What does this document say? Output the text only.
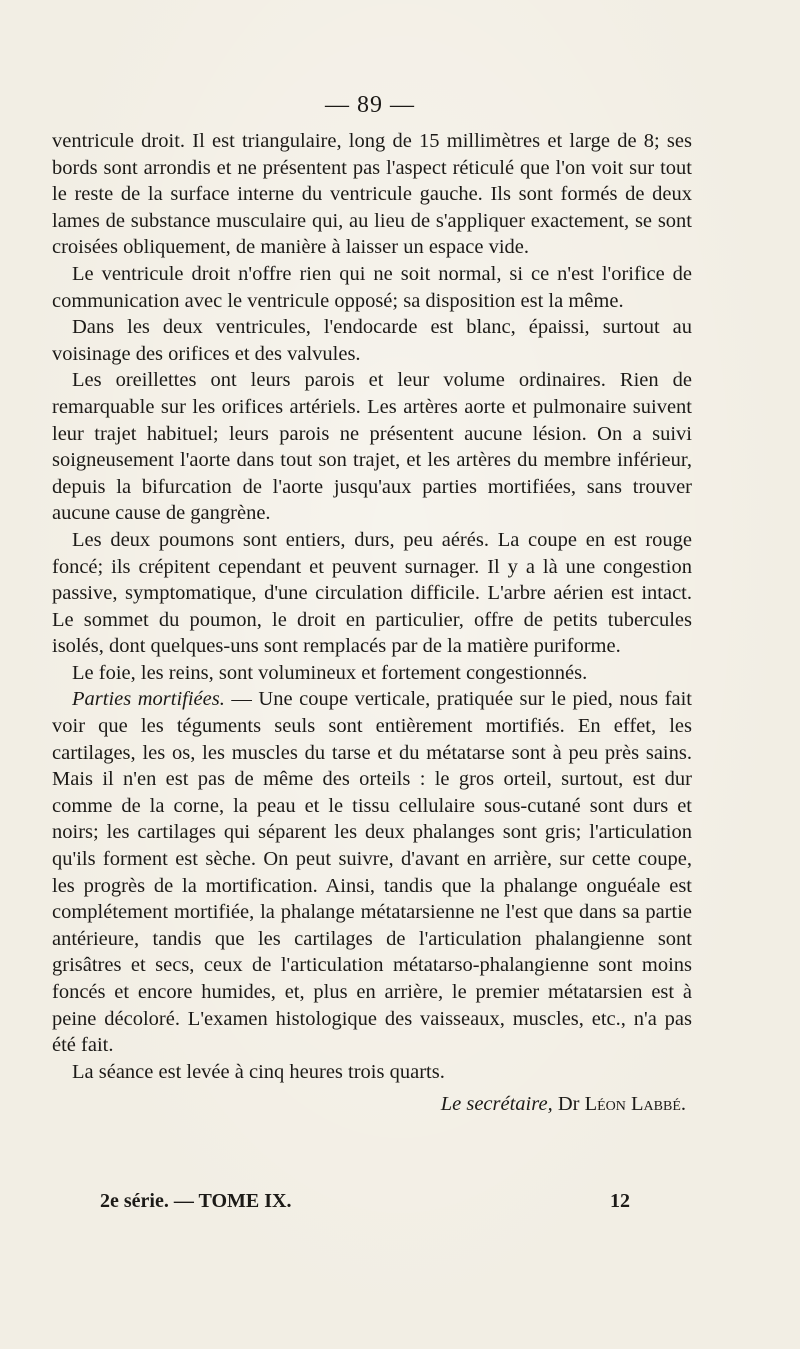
— 89 —

ventricule droit. Il est triangulaire, long de 15 millimètres et large de 8; ses bords sont arrondis et ne présentent pas l'aspect réticulé que l'on voit sur tout le reste de la surface interne du ventricule gauche. Ils sont formés de deux lames de substance musculaire qui, au lieu de s'appliquer exactement, se sont croisées obliquement, de manière à laisser un espace vide.

Le ventricule droit n'offre rien qui ne soit normal, si ce n'est l'orifice de communication avec le ventricule opposé; sa disposition est la même.

Dans les deux ventricules, l'endocarde est blanc, épaissi, surtout au voisinage des orifices et des valvules.

Les oreillettes ont leurs parois et leur volume ordinaires. Rien de remarquable sur les orifices artériels. Les artères aorte et pulmonaire suivent leur trajet habituel; leurs parois ne présentent aucune lésion. On a suivi soigneusement l'aorte dans tout son trajet, et les artères du membre inférieur, depuis la bifurcation de l'aorte jusqu'aux parties mortifiées, sans trouver aucune cause de gangrène.

Les deux poumons sont entiers, durs, peu aérés. La coupe en est rouge foncé; ils crépitent cependant et peuvent surnager. Il y a là une congestion passive, symptomatique, d'une circulation difficile. L'arbre aérien est intact. Le sommet du poumon, le droit en particulier, offre de petits tubercules isolés, dont quelques-uns sont remplacés par de la matière puriforme.

Le foie, les reins, sont volumineux et fortement congestionnés.

Parties mortifiées. — Une coupe verticale, pratiquée sur le pied, nous fait voir que les téguments seuls sont entièrement mortifiés. En effet, les cartilages, les os, les muscles du tarse et du métatarse sont à peu près sains. Mais il n'en est pas de même des orteils : le gros orteil, surtout, est dur comme de la corne, la peau et le tissu cellulaire sous-cutané sont durs et noirs; les cartilages qui séparent les deux phalanges sont gris; l'articulation qu'ils forment est sèche. On peut suivre, d'avant en arrière, sur cette coupe, les progrès de la mortification. Ainsi, tandis que la phalange onguéale est complétement mortifiée, la phalange métatarsienne ne l'est que dans sa partie antérieure, tandis que les cartilages de l'articulation phalangienne sont grisâtres et secs, ceux de l'articulation métatarso-phalangienne sont moins foncés et encore humides, et, plus en arrière, le premier métatarsien est à peine décoloré. L'examen histologique des vaisseaux, muscles, etc., n'a pas été fait.

La séance est levée à cinq heures trois quarts.

Le secrétaire, Dr Léon Labbé.

2e série. — TOME IX.	12
